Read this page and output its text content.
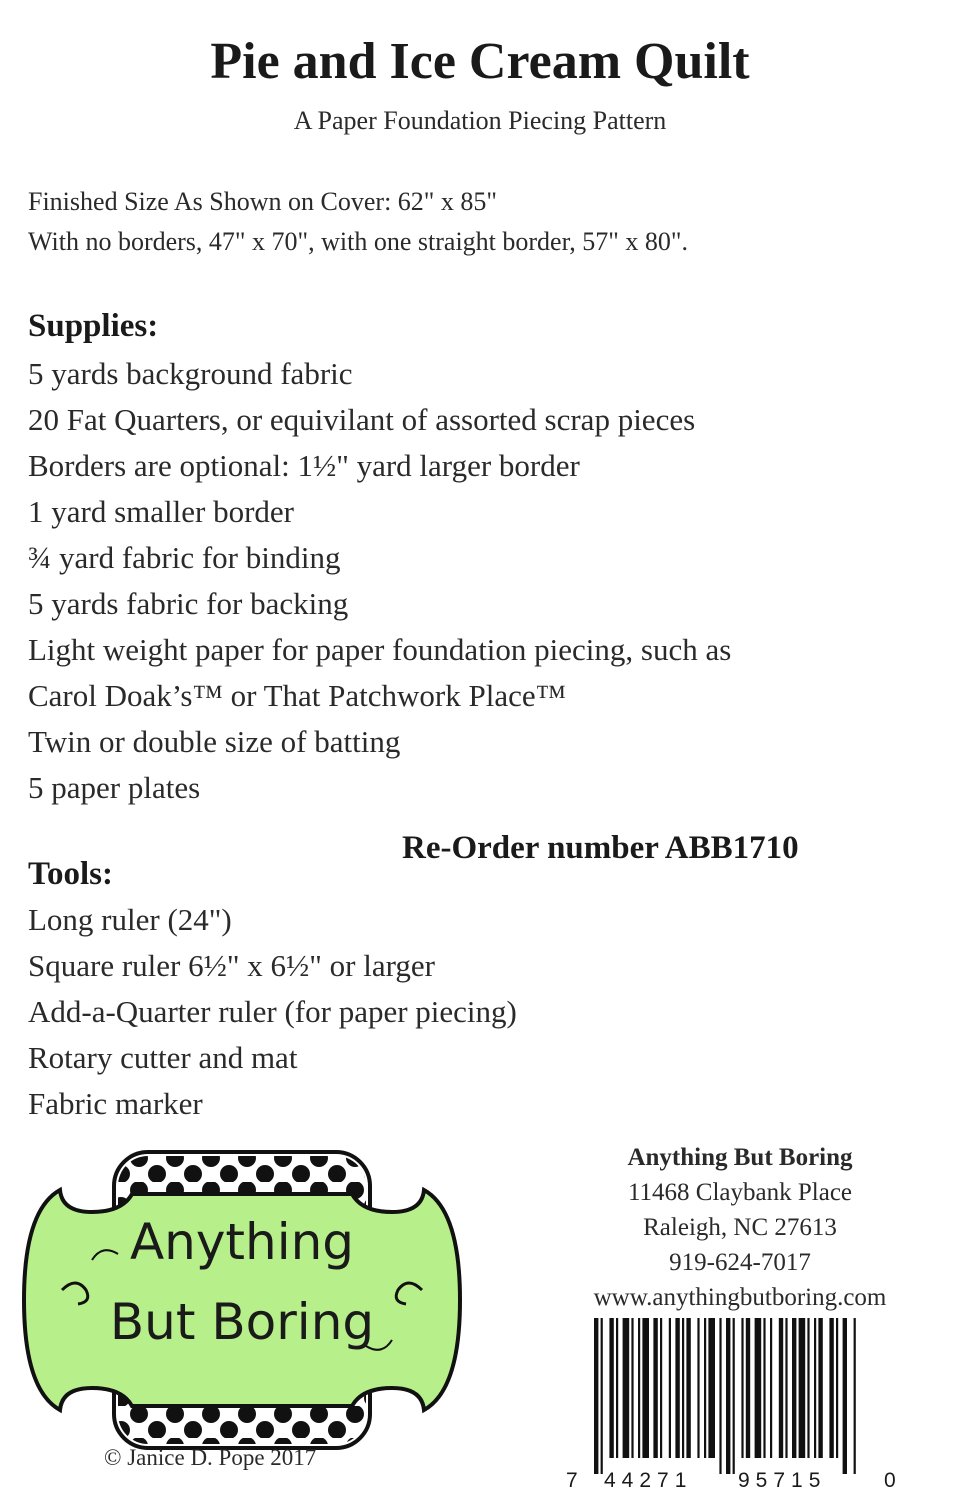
Pie and Ice Cream Quilt
A Paper Foundation Piecing Pattern
Finished Size As Shown on Cover: 62" x 85"
With no borders, 47" x 70", with one straight border, 57" x 80".
Supplies:
5 yards background fabric
20 Fat Quarters, or equivilant of assorted scrap pieces
Borders are optional: 1½" yard larger border
1 yard smaller border
¾ yard fabric for binding
5 yards fabric for backing
Light weight paper for paper foundation piecing, such as
Carol Doak’s™ or That Patchwork Place™
Twin or double size of batting
5 paper plates
Re-Order number ABB1710
Tools:
Long ruler (24")
Square ruler 6½" x 6½" or larger
Add-a-Quarter ruler (for paper piecing)
Rotary cutter and mat
Fabric marker
Anything
But Boring
© Janice D. Pope 2017
Anything But Boring
11468 Claybank Place
Raleigh, NC 27613
919-624-7017
www.anythingbutboring.com
7 44271 95715	0
